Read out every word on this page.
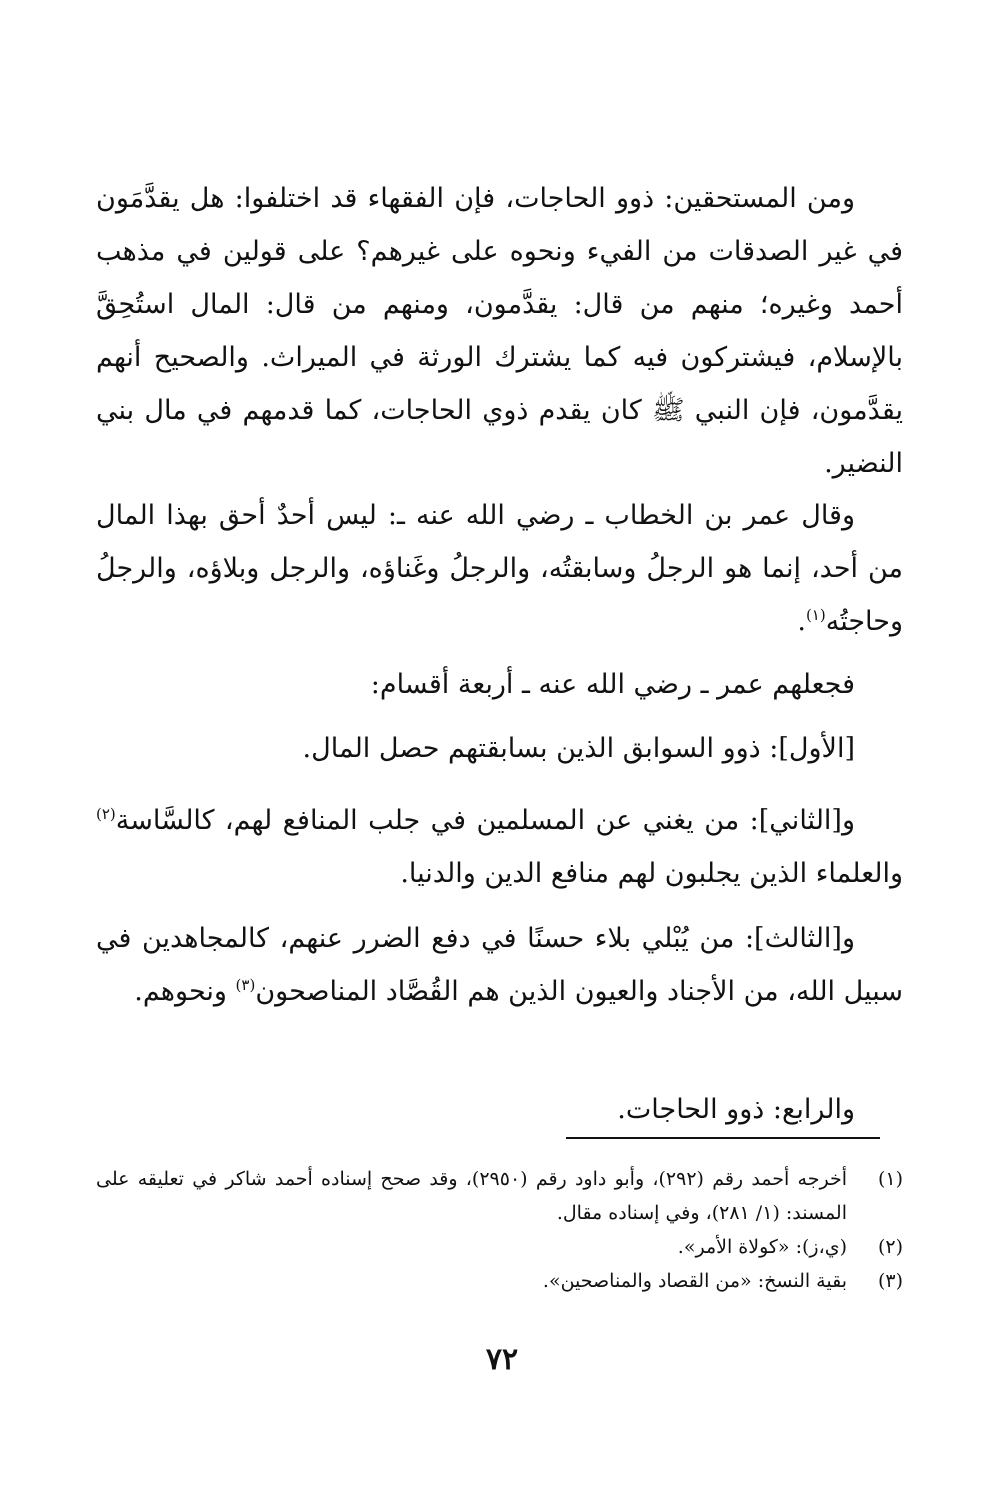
ومن المستحقين: ذوو الحاجات، فإن الفقهاء قد اختلفوا: هل يقدَّمَون في غير الصدقات من الفيء ونحوه على غيرهم؟ على قولين في مذهب أحمد وغيره؛ منهم من قال: يقدَّمون، ومنهم من قال: المال استُحِقَّ بالإسلام، فيشتركون فيه كما يشترك الورثة في الميراث. والصحيح أنهم يقدَّمون، فإن النبي ﷺ كان يقدم ذوي الحاجات، كما قدمهم في مال بني النضير.

وقال عمر بن الخطاب ـ رضي الله عنه ـ: ليس أحدٌ أحق بهذا المال من أحد، إنما هو الرجلُ وسابقتُه، والرجلُ وغَناؤه، والرجل وبلاؤه، والرجلُ وحاجتُه$^{(١)}$.

فجعلهم عمر ـ رضي الله عنه ـ أربعة أقسام:

[الأول]: ذوو السوابق الذين بسابقتهم حصل المال.

و[الثاني]: من يغني عن المسلمين في جلب المنافع لهم، كالسَّاسة$^{(٢)}$ والعلماء الذين يجلبون لهم منافع الدين والدنيا.

و[الثالث]: من يُبْلي بلاء حسنًا في دفع الضرر عنهم، كالمجاهدين في سبيل الله، من الأجناد والعيون الذين هم القُصَّاد المناصحون$^{(٣)}$ ونحوهم.

والرابع: ذوو الحاجات.

(١)
أخرجه أحمد رقم (٢٩٢)، وأبو داود رقم (٢٩٥٠)، وقد صحح إسناده أحمد شاكر في تعليقه على المسند: (١/ ٢٨١)، وفي إسناده مقال.
(٢)
(ي،ز): «كولاة الأمر».
(٣)
بقية النسخ: «من القصاد والمناصحين».
٧٢
